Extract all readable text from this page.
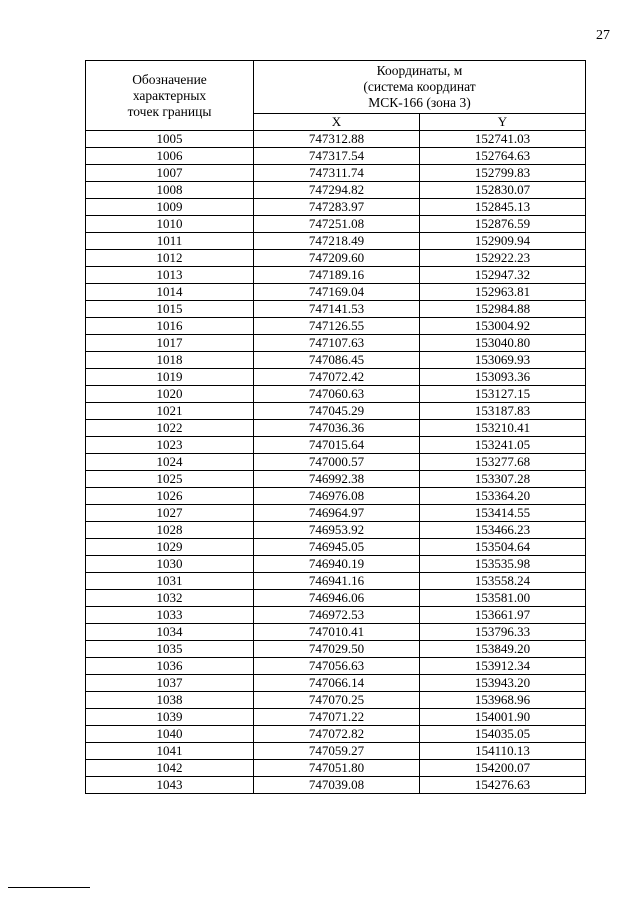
27
Обозначение
характерных
точек границы	Координаты, м
(система координат
МСК-166 (зона 3)	

	X	Y
1005	747312.88	152741.03
1006	747317.54	152764.63
1007	747311.74	152799.83
1008	747294.82	152830.07
1009	747283.97	152845.13
1010	747251.08	152876.59
1011	747218.49	152909.94
1012	747209.60	152922.23
1013	747189.16	152947.32
1014	747169.04	152963.81
1015	747141.53	152984.88
1016	747126.55	153004.92
1017	747107.63	153040.80
1018	747086.45	153069.93
1019	747072.42	153093.36
1020	747060.63	153127.15
1021	747045.29	153187.83
1022	747036.36	153210.41
1023	747015.64	153241.05
1024	747000.57	153277.68
1025	746992.38	153307.28
1026	746976.08	153364.20
1027	746964.97	153414.55
1028	746953.92	153466.23
1029	746945.05	153504.64
1030	746940.19	153535.98
1031	746941.16	153558.24
1032	746946.06	153581.00
1033	746972.53	153661.97
1034	747010.41	153796.33
1035	747029.50	153849.20
1036	747056.63	153912.34
1037	747066.14	153943.20
1038	747070.25	153968.96
1039	747071.22	154001.90
1040	747072.82	154035.05
1041	747059.27	154110.13
1042	747051.80	154200.07
1043	747039.08	154276.63
